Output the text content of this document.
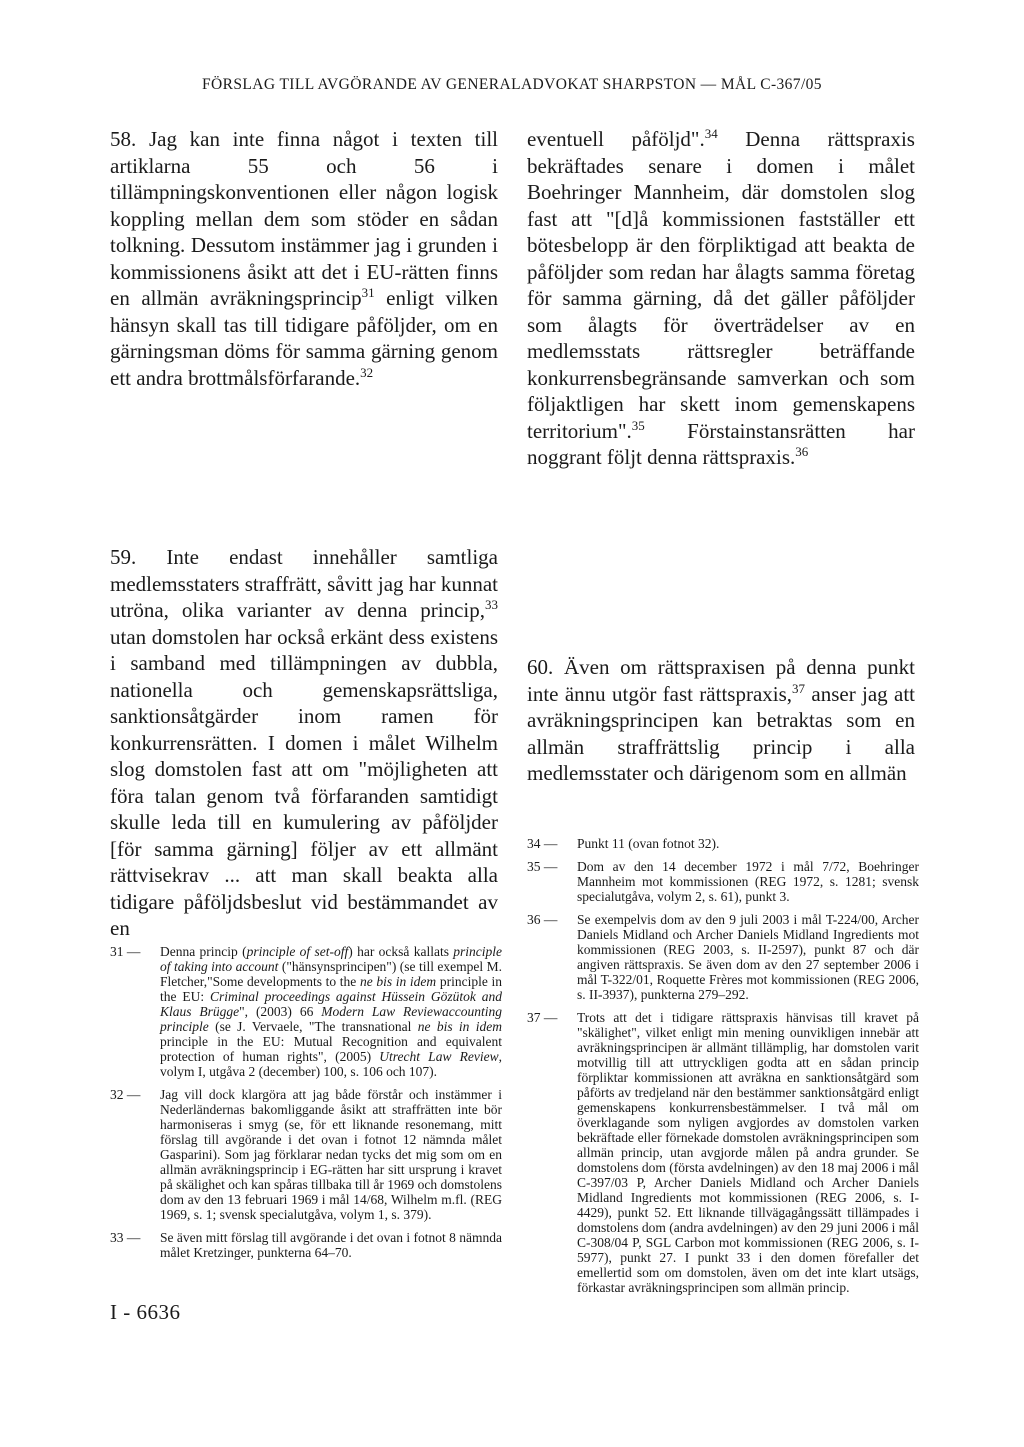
FÖRSLAG TILL AVGÖRANDE AV GENERALADVOKAT SHARPSTON — MÅL C-367/05

58. Jag kan inte finna något i texten till artiklarna 55 och 56 i tillämpningskonventionen eller någon logisk koppling mellan dem som stöder en sådan tolkning. Dessutom instämmer jag i grunden i kommissionens åsikt att det i EU-rätten finns en allmän avräkningsprincip$^{31}$ enligt vilken hänsyn skall tas till tidigare påföljder, om en gärningsman döms för samma gärning genom ett andra brottmålsförfarande.$^{32}$

eventuell påföljd".$^{34}$ Denna rättspraxis bekräftades senare i domen i målet Boehringer Mannheim, där domstolen slog fast att "[d]å kommissionen fastställer ett bötesbelopp är den förpliktigad att beakta de påföljder som redan har ålagts samma företag för samma gärning, då det gäller påföljder som ålagts för överträdelser av en medlemsstats rättsregler beträffande konkurrensbegränsande samverkan och som följaktligen har skett inom gemenskapens territorium".$^{35}$ Förstainstansrätten har noggrant följt denna rättspraxis.$^{36}$

59. Inte endast innehåller samtliga medlemsstaters straffrätt, såvitt jag har kunnat utröna, olika varianter av denna princip,$^{33}$ utan domstolen har också erkänt dess existens i samband med tillämpningen av dubbla, nationella och gemenskapsrättsliga, sanktionsåtgärder inom ramen för konkurrensrätten. I domen i målet Wilhelm slog domstolen fast att om "möjligheten att föra talan genom två förfaranden samtidigt skulle leda till en kumulering av påföljder [för samma gärning] följer av ett allmänt rättvisekrav ... att man skall beakta alla tidigare påföljdsbeslut vid bestämmandet av en

60. Även om rättspraxisen på denna punkt inte ännu utgör fast rättspraxis,$^{37}$ anser jag att avräkningsprincipen kan betraktas som en allmän straffrättslig princip i alla medlemsstater och därigenom som en allmän

31 —	Denna princip (principle of set-off) har också kallats principle of taking into account ("hänsynsprincipen") (se till exempel M. Fletcher,"Some developments to the ne bis in idem principle in the EU: Criminal proceedings against Hüssein Gözütok and Klaus Brügge", (2003) 66 Modern Law Reviewaccounting principle (se J. Vervaele, "The transnational ne bis in idem principle in the EU: Mutual Recognition and equivalent protection of human rights", (2005) Utrecht Law Review, volym I, utgåva 2 (december) 100, s. 106 och 107).
32 —	Jag vill dock klargöra att jag både förstår och instämmer i Nederländernas bakomliggande åsikt att straffrätten inte bör harmoniseras i smyg (se, för ett liknande resonemang, mitt förslag till avgörande i det ovan i fotnot 12 nämnda målet Gasparini). Som jag förklarar nedan tycks det mig som om en allmän avräkningsprincip i EG-rätten har sitt ursprung i kravet på skälighet och kan spåras tillbaka till år 1969 och domstolens dom av den 13 februari 1969 i mål 14/68, Wilhelm m.fl. (REG 1969, s. 1; svensk specialutgåva, volym 1, s. 379).
33 —	Se även mitt förslag till avgörande i det ovan i fotnot 8 nämnda målet Kretzinger, punkterna 64–70.
34 —	Punkt 11 (ovan fotnot 32).
35 —	Dom av den 14 december 1972 i mål 7/72, Boehringer Mannheim mot kommissionen (REG 1972, s. 1281; svensk specialutgåva, volym 2, s. 61), punkt 3.
36 —	Se exempelvis dom av den 9 juli 2003 i mål T-224/00, Archer Daniels Midland och Archer Daniels Midland Ingredients mot kommissionen (REG 2003, s. II-2597), punkt 87 och där angiven rättspraxis. Se även dom av den 27 september 2006 i mål T-322/01, Roquette Frères mot kommissionen (REG 2006, s. II-3937), punkterna 279–292.
37 —	Trots att det i tidigare rättspraxis hänvisas till kravet på "skälighet", vilket enligt min mening ounvikligen innebär att avräkningsprincipen är allmänt tillämplig, har domstolen varit motvillig till att uttryckligen godta att en sådan princip förpliktar kommissionen att avräkna en sanktionsåtgärd som påförts av tredjeland när den bestämmer sanktionsåtgärd enligt gemenskapens konkurrensbestämmelser. I två mål om överklagande som nyligen avgjordes av domstolen varken bekräftade eller förnekade domstolen avräkningsprincipen som allmän princip, utan avgjorde målen på andra grunder. Se domstolens dom (första avdelningen) av den 18 maj 2006 i mål C-397/03 P, Archer Daniels Midland och Archer Daniels Midland Ingredients mot kommissionen (REG 2006, s. I-4429), punkt 52. Ett liknande tillvägagångssätt tillämpades i domstolens dom (andra avdelningen) av den 29 juni 2006 i mål C-308/04 P, SGL Carbon mot kommissionen (REG 2006, s. I-5977), punkt 27. I punkt 33 i den domen förefaller det emellertid som om domstolen, även om det inte klart utsägs, förkastar avräkningsprincipen som allmän princip.
I - 6636
